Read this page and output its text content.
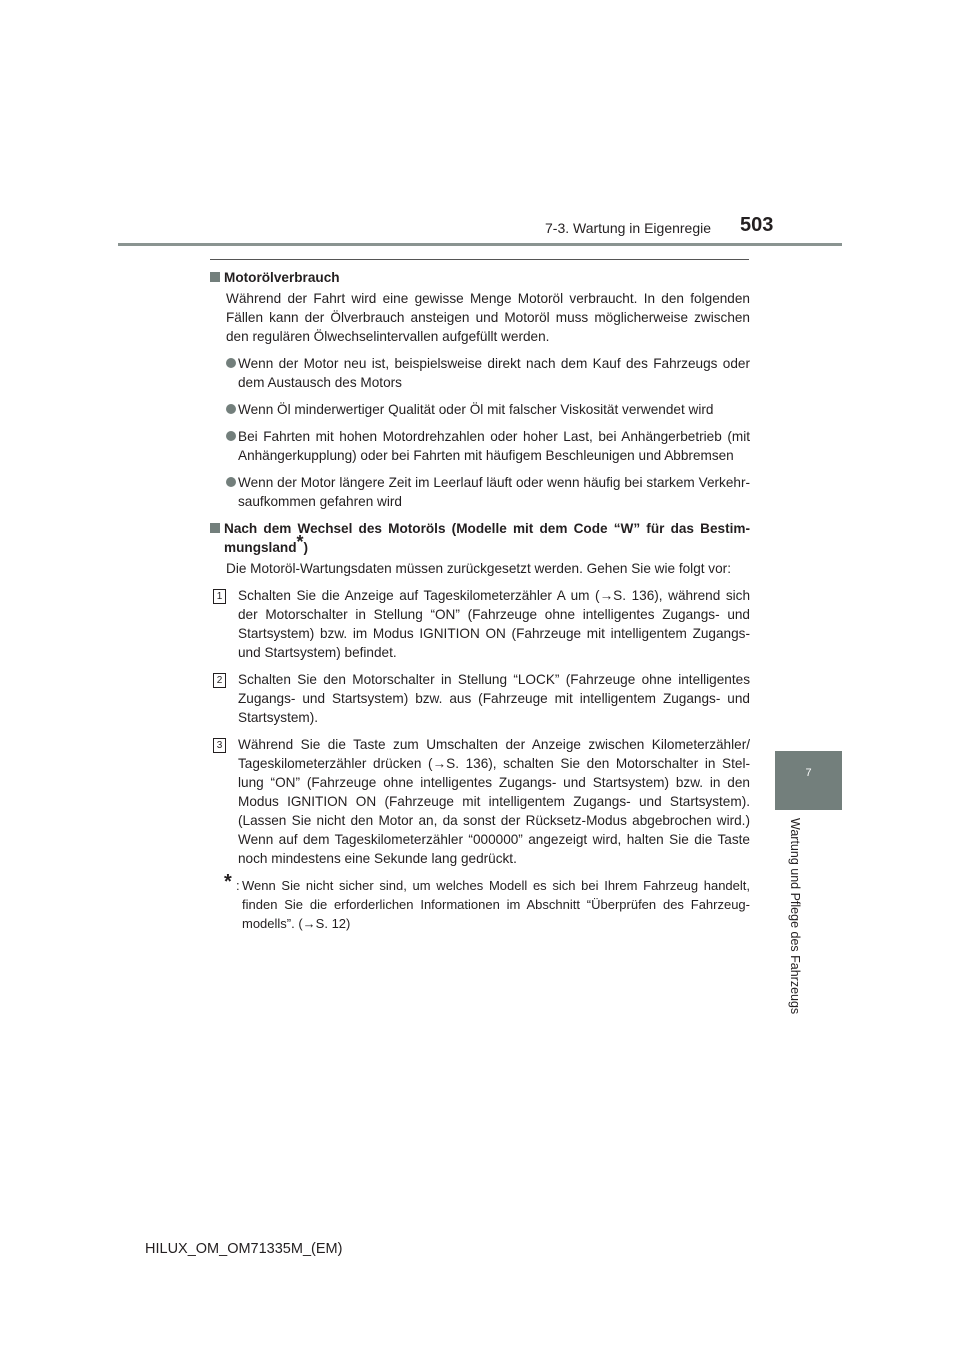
7-3. Wartung in Eigenregie 503
7
Wartung und Pflege des Fahrzeugs
Motorölverbrauch
Während der Fahrt wird eine gewisse Menge Motoröl verbraucht. In den folgenden Fällen kann der Ölverbrauch ansteigen und Motoröl muss möglicherweise zwischen den regulären Ölwechselintervallen aufgefüllt werden.
Wenn der Motor neu ist, beispielsweise direkt nach dem Kauf des Fahrzeugs oder dem Austausch des Motors
Wenn Öl minderwertiger Qualität oder Öl mit falscher Viskosität verwendet wird
Bei Fahrten mit hohen Motordrehzahlen oder hoher Last, bei Anhängerbetrieb (mit Anhängerkupplung) oder bei Fahrten mit häufigem Beschleunigen und Abbremsen
Wenn der Motor längere Zeit im Leerlauf läuft oder wenn häufig bei starkem Verkehr-saufkommen gefahren wird
Nach dem Wechsel des Motoröls (Modelle mit dem Code “W” für das Bestim-mungsland*)
Die Motoröl-Wartungsdaten müssen zurückgesetzt werden. Gehen Sie wie folgt vor:
1 Schalten Sie die Anzeige auf Tageskilometerzähler A um (→S. 136), während sich der Motorschalter in Stellung “ON” (Fahrzeuge ohne intelligentes Zugangs- und Startsystem) bzw. im Modus IGNITION ON (Fahrzeuge mit intelligentem Zugangs- und Startsystem) befindet.
2 Schalten Sie den Motorschalter in Stellung “LOCK” (Fahrzeuge ohne intelligentes Zugangs- und Startsystem) bzw. aus (Fahrzeuge mit intelligentem Zugangs- und Startsystem).
3 Während Sie die Taste zum Umschalten der Anzeige zwischen Kilometerzähler/ Tageskilometerzähler drücken (→S. 136), schalten Sie den Motorschalter in Stel-lung “ON” (Fahrzeuge ohne intelligentes Zugangs- und Startsystem) bzw. in den Modus IGNITION ON (Fahrzeuge mit intelligentem Zugangs- und Startsystem). (Lassen Sie nicht den Motor an, da sonst der Rücksetz-Modus abgebrochen wird.) Wenn auf dem Tageskilometerzähler “000000” angezeigt wird, halten Sie die Taste noch mindestens eine Sekunde lang gedrückt.
* : Wenn Sie nicht sicher sind, um welches Modell es sich bei Ihrem Fahrzeug handelt, finden Sie die erforderlichen Informationen im Abschnitt “Überprüfen des Fahrzeug-modells”. (→S. 12)
HILUX_OM_OM71335M_(EM)
